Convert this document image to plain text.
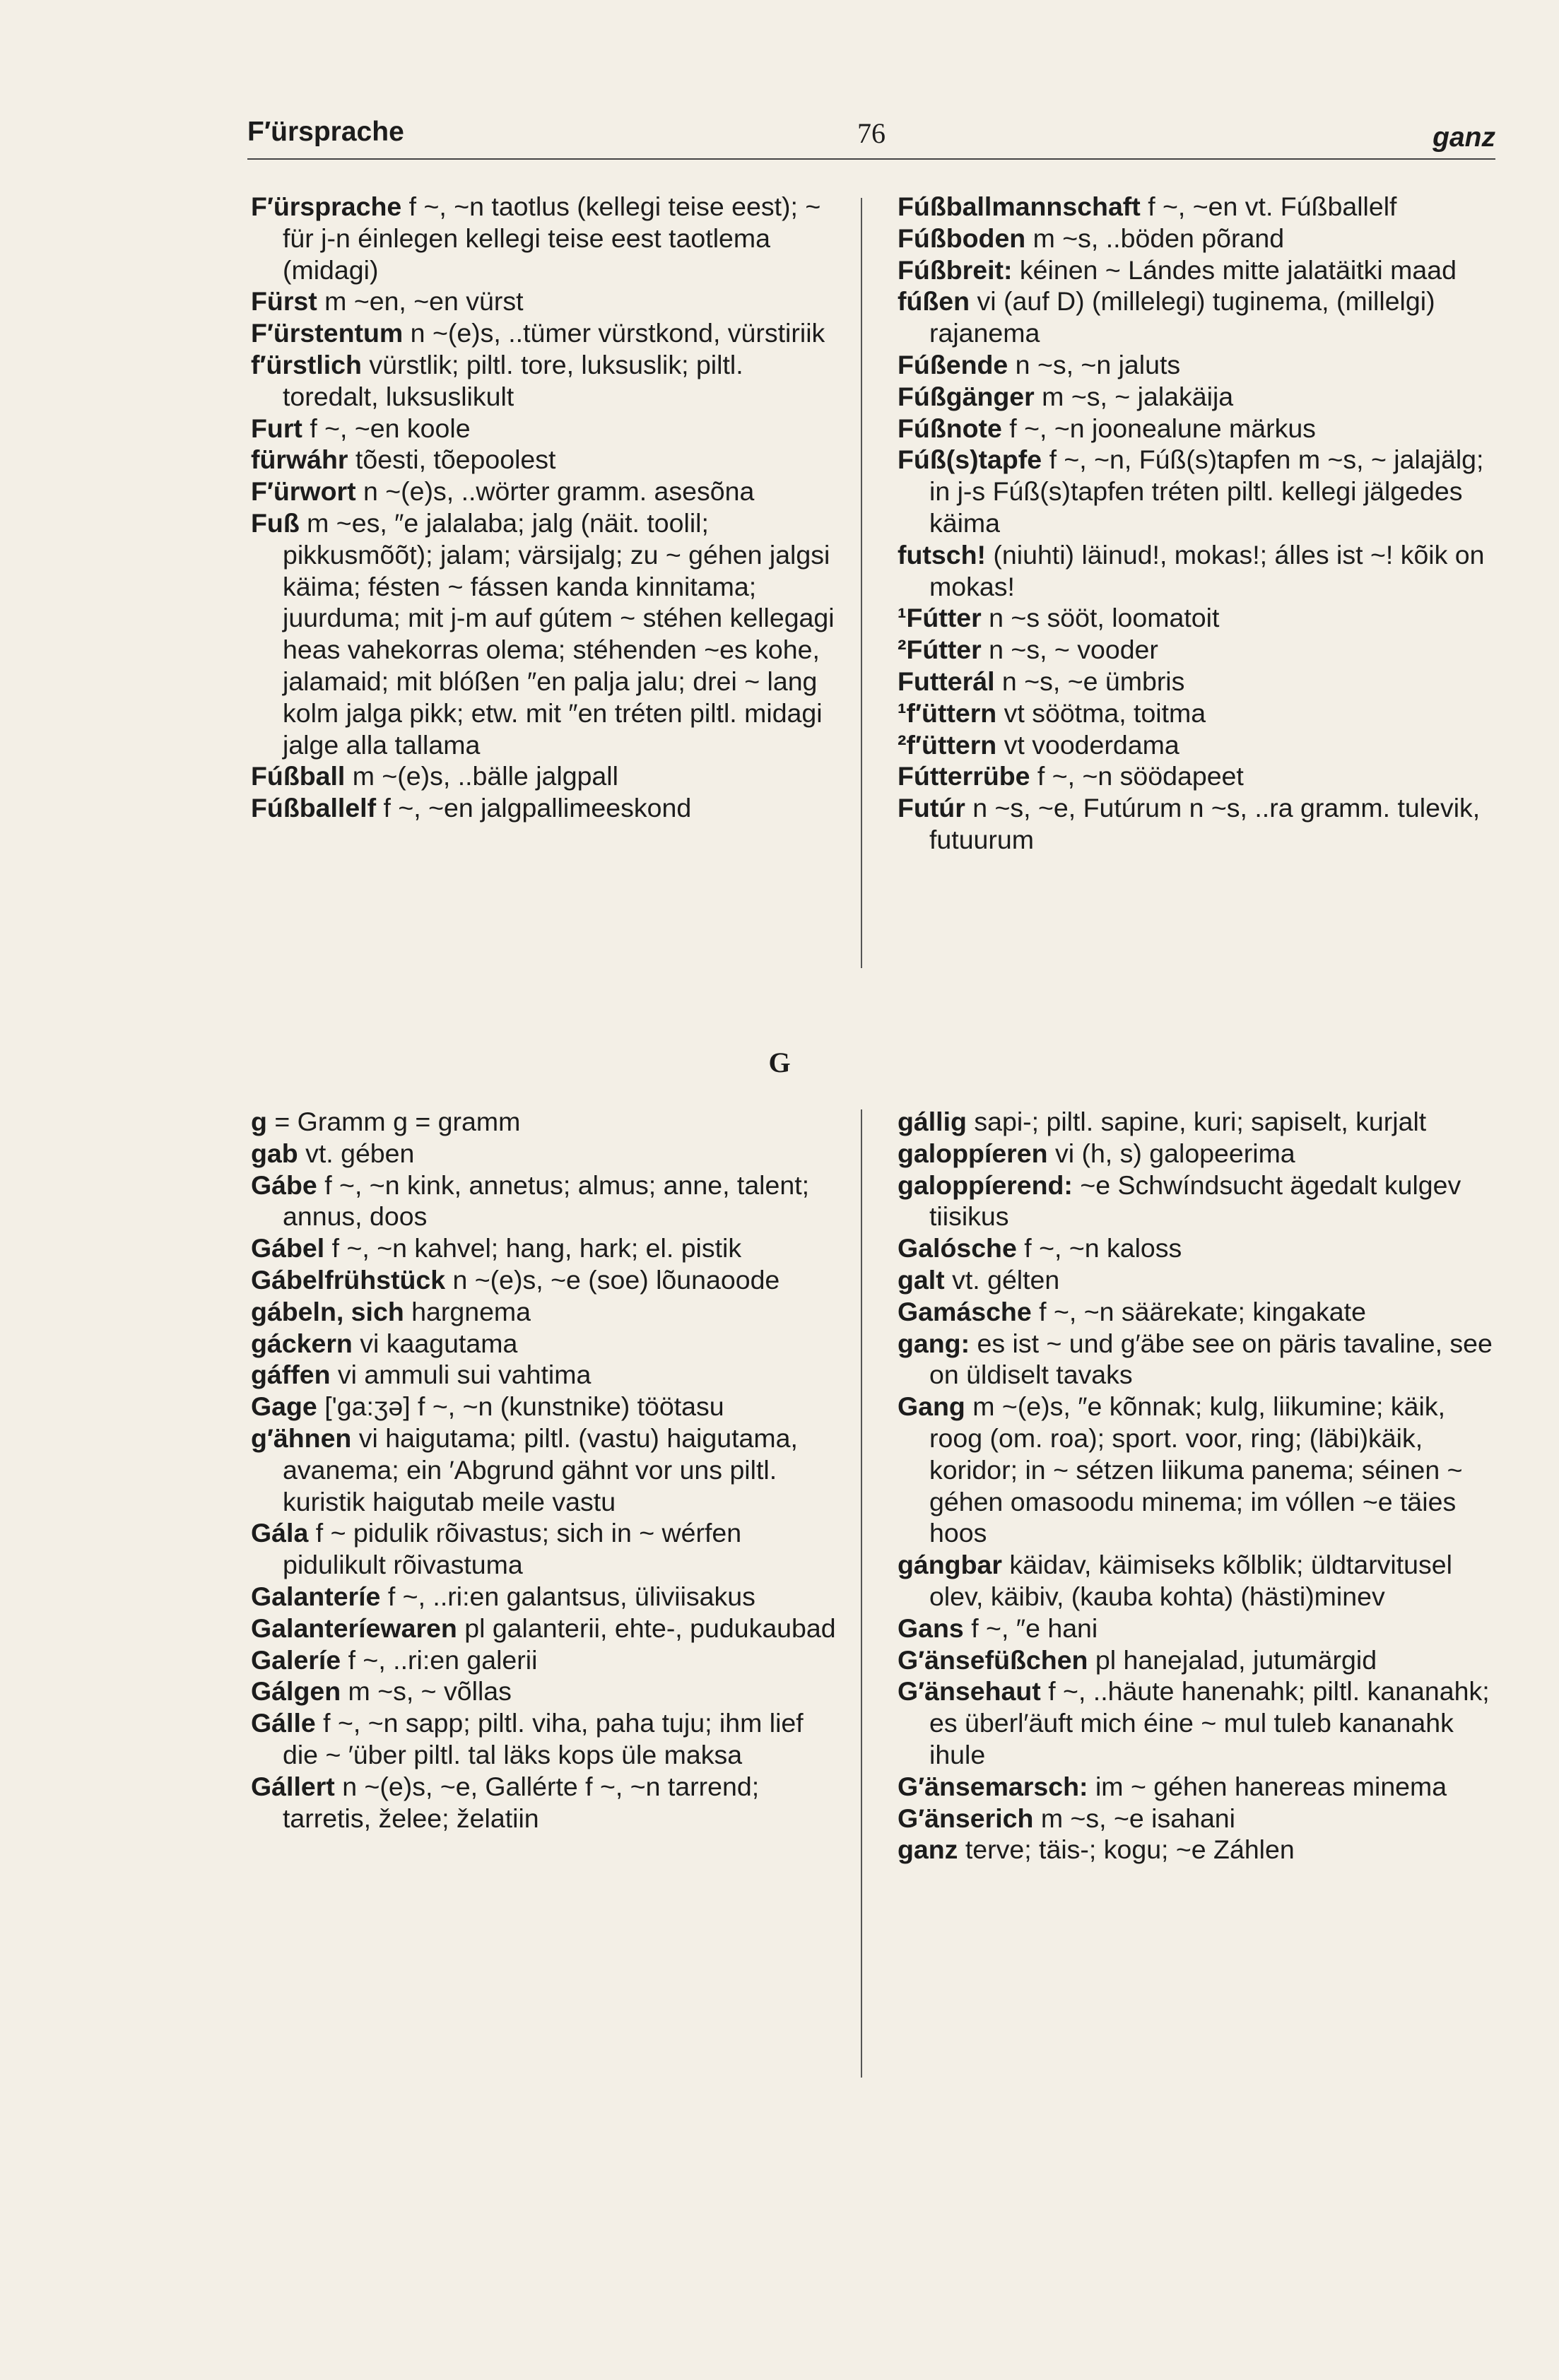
F′ürsprache	76	ganz

F′ürsprache f ~, ~n taotlus (kellegi teise eest); ~ für j-n éinlegen kellegi teise eest taotlema (midagi)

Fürst m ~en, ~en vürst

F′ürstentum n ~(e)s, ..tümer vürstkond, vürstiriik

f′ürstlich vürstlik; piltl. tore, luksuslik; piltl. toredalt, luksuslikult

Furt f ~, ~en koole

fürwáhr tõesti, tõepoolest

F′ürwort n ~(e)s, ..wörter gramm. asesõna

Fuß m ~es, ″e jalalaba; jalg (näit. toolil; pikkusmõõt); jalam; värsijalg; zu ~ géhen jalgsi käima; fésten ~ fássen kanda kinnitama; juurduma; mit j-m auf gútem ~ stéhen kellegagi heas vahekorras olema; stéhenden ~es kohe, jalamaid; mit blóßen ″en palja jalu; drei ~ lang kolm jalga pikk; etw. mit ″en tréten piltl. midagi jalge alla tallama

Fúßball m ~(e)s, ..bälle jalgpall

Fúßballelf f ~, ~en jalgpallimeeskond

Fúßballmannschaft f ~, ~en vt. Fúßballelf

Fúßboden m ~s, ..böden põrand

Fúßbreit: kéinen ~ Lándes mitte jalatäitki maad

fúßen vi (auf D) (millelegi) tuginema, (millelgi) rajanema

Fúßende n ~s, ~n jaluts

Fúßgänger m ~s, ~ jalakäija

Fúßnote f ~, ~n joonealune märkus

Fúß(s)tapfe f ~, ~n, Fúß(s)tapfen m ~s, ~ jalajälg; in j-s Fúß(s)tapfen tréten piltl. kellegi jälgedes käima

futsch! (niuhti) läinud!, mokas!; álles ist ~! kõik on mokas!

¹Fútter n ~s sööt, loomatoit

²Fútter n ~s, ~ vooder

Futterál n ~s, ~e ümbris

¹f′üttern vt söötma, toitma

²f′üttern vt vooderdama

Fútterrübe f ~, ~n söödapeet

Futúr n ~s, ~e, Futúrum n ~s, ..ra gramm. tulevik, futuurum

G

g = Gramm g = gramm

gab vt. gében

Gábe f ~, ~n kink, annetus; almus; anne, talent; annus, doos

Gábel f ~, ~n kahvel; hang, hark; el. pistik

Gábelfrühstück n ~(e)s, ~e (soe) lõunaoode

gábeln, sich hargnema

gáckern vi kaagutama

gáffen vi ammuli sui vahtima

Gage ['ga:ʒə] f ~, ~n (kunstnike) töötasu

g′ähnen vi haigutama; piltl. (vastu) haigutama, avanema; ein ′Abgrund gähnt vor uns piltl. kuristik haigutab meile vastu

Gála f ~ pidulik rõivastus; sich in ~ wérfen pidulikult rõivastuma

Galanteríe f ~, ..ri:en galantsus, üliviisakus

Galanteríewaren pl galanterii, ehte-, pudukaubad

Galeríe f ~, ..ri:en galerii

Gálgen m ~s, ~ võllas

Gálle f ~, ~n sapp; piltl. viha, paha tuju; ihm lief die ~ ′über piltl. tal läks kops üle maksa

Gállert n ~(e)s, ~e, Gallérte f ~, ~n tarrend; tarretis, želee; želatiin

gállig sapi-; piltl. sapine, kuri; sapiselt, kurjalt

galoppíeren vi (h, s) galopeerima

galoppíerend: ~e Schwíndsucht ägedalt kulgev tiisikus

Galósche f ~, ~n kaloss

galt vt. gélten

Gamásche f ~, ~n säärekate; kingakate

gang: es ist ~ und g′äbe see on päris tavaline, see on üldiselt tavaks

Gang m ~(e)s, ″e kõnnak; kulg, liikumine; käik, roog (om. roa); sport. voor, ring; (läbi)käik, koridor; in ~ sétzen liikuma panema; séinen ~ géhen omasoodu minema; im vóllen ~e täies hoos

gángbar käidav, käimiseks kõlblik; üldtarvitusel olev, käibiv, (kauba kohta) (hästi)minev

Gans f ~, ″e hani

G′änsefüßchen pl hanejalad, jutumärgid

G′änsehaut f ~, ..häute hanenahk; piltl. kananahk; es überl′äuft mich éine ~ mul tuleb kananahk ihule

G′änsemarsch: im ~ géhen hanereas minema

G′änserich m ~s, ~e isahani

ganz terve; täis-; kogu; ~e Záhlen
